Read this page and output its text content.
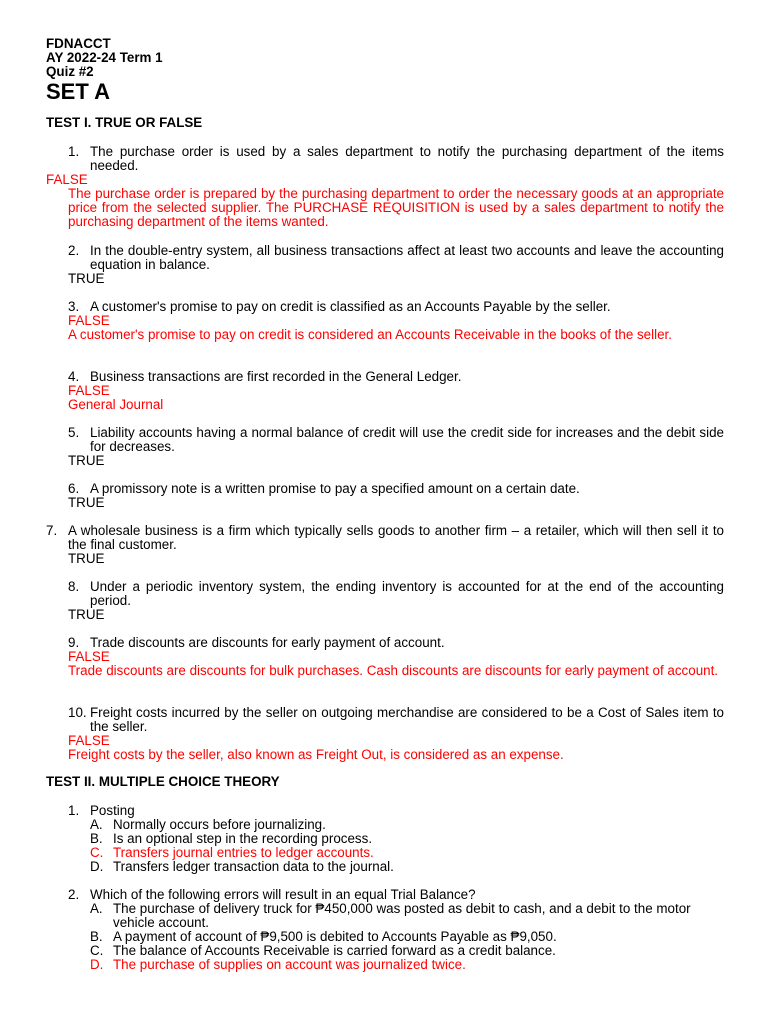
FDNACCT
AY 2022-24 Term 1
Quiz #2
SET A
TEST I. TRUE OR FALSE
1. The purchase order is used by a sales department to notify the purchasing department of the items needed.
FALSE
The purchase order is prepared by the purchasing department to order the necessary goods at an appropriate price from the selected supplier. The PURCHASE REQUISITION is used by a sales department to notify the purchasing department of the items wanted.
2. In the double-entry system, all business transactions affect at least two accounts and leave the accounting equation in balance.
TRUE
3. A customer's promise to pay on credit is classified as an Accounts Payable by the seller.
FALSE
A customer's promise to pay on credit is considered an Accounts Receivable in the books of the seller.
4. Business transactions are first recorded in the General Ledger.
FALSE
General Journal
5. Liability accounts having a normal balance of credit will use the credit side for increases and the debit side for decreases.
TRUE
6. A promissory note is a written promise to pay a specified amount on a certain date.
TRUE
7. A wholesale business is a firm which typically sells goods to another firm – a retailer, which will then sell it to the final customer.
TRUE
8. Under a periodic inventory system, the ending inventory is accounted for at the end of the accounting period.
TRUE
9. Trade discounts are discounts for early payment of account.
FALSE
Trade discounts are discounts for bulk purchases. Cash discounts are discounts for early payment of account.
10. Freight costs incurred by the seller on outgoing merchandise are considered to be a Cost of Sales item to the seller.
FALSE
Freight costs by the seller, also known as Freight Out, is considered as an expense.
TEST II. MULTIPLE CHOICE THEORY
1. Posting
A. Normally occurs before journalizing.
B. Is an optional step in the recording process.
C. Transfers journal entries to ledger accounts.
D. Transfers ledger transaction data to the journal.
2. Which of the following errors will result in an equal Trial Balance?
A. The purchase of delivery truck for ₱450,000 was posted as debit to cash, and a debit to the motor vehicle account.
B. A payment of account of ₱9,500 is debited to Accounts Payable as ₱9,050.
C. The balance of Accounts Receivable is carried forward as a credit balance.
D. The purchase of supplies on account was journalized twice.
